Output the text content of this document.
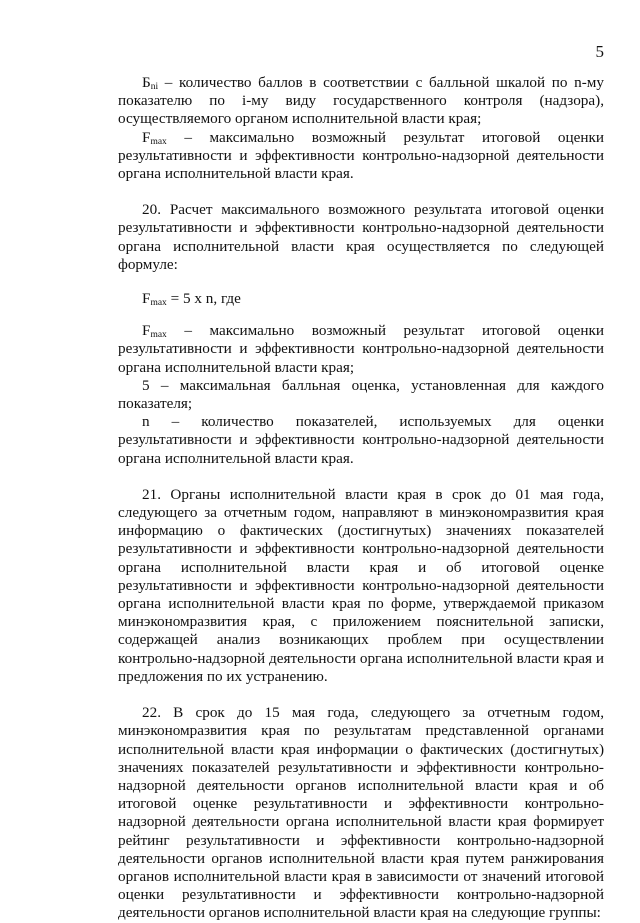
5

$Б_{ni}$ – количество баллов в соответствии с балльной шкалой по n-му показателю по i-му виду государственного контроля (надзора), осуществляемого органом исполнительной власти края;

$F_{max}$ – максимально возможный результат итоговой оценки результативности и эффективности контрольно-надзорной деятельности органа исполнительной власти края.

20. Расчет максимального возможного результата итоговой оценки результативности и эффективности контрольно-надзорной деятельности органа исполнительной власти края осуществляется по следующей формуле:

$F_{max} = 5$ х n, где

$F_{max}$ – максимально возможный результат итоговой оценки результативности и эффективности контрольно-надзорной деятельности органа исполнительной власти края;

5 – максимальная балльная оценка, установленная для каждого показателя;

n – количество показателей, используемых для оценки результативности и эффективности контрольно-надзорной деятельности органа исполнительной власти края.

21. Органы исполнительной власти края в срок до 01 мая года, следующего за отчетным годом, направляют в минэкономразвития края информацию о фактических (достигнутых) значениях показателей результативности и эффективности контрольно-надзорной деятельности органа исполнительной власти края и об итоговой оценке результативности и эффективности контрольно-надзорной деятельности органа исполнительной власти края по форме, утверждаемой приказом минэкономразвития края, с приложением пояснительной записки, содержащей анализ возникающих проблем при осуществлении контрольно-надзорной деятельности органа исполнительной власти края и предложения по их устранению.

22. В срок до 15 мая года, следующего за отчетным годом, минэкономразвития края по результатам представленной органами исполнительной власти края информации о фактических (достигнутых) значениях показателей результативности и эффективности контрольно-надзорной деятельности органов исполнительной власти края и об итоговой оценке результативности и эффективности контрольно-надзорной деятельности органа исполнительной власти края формирует рейтинг результативности и эффективности контрольно-надзорной деятельности органов исполнительной власти края путем ранжирования органов исполнительной власти края в зависимости от значений итоговой оценки результативности и эффективности контрольно-надзорной деятельности органов исполнительной власти края на следующие группы:
